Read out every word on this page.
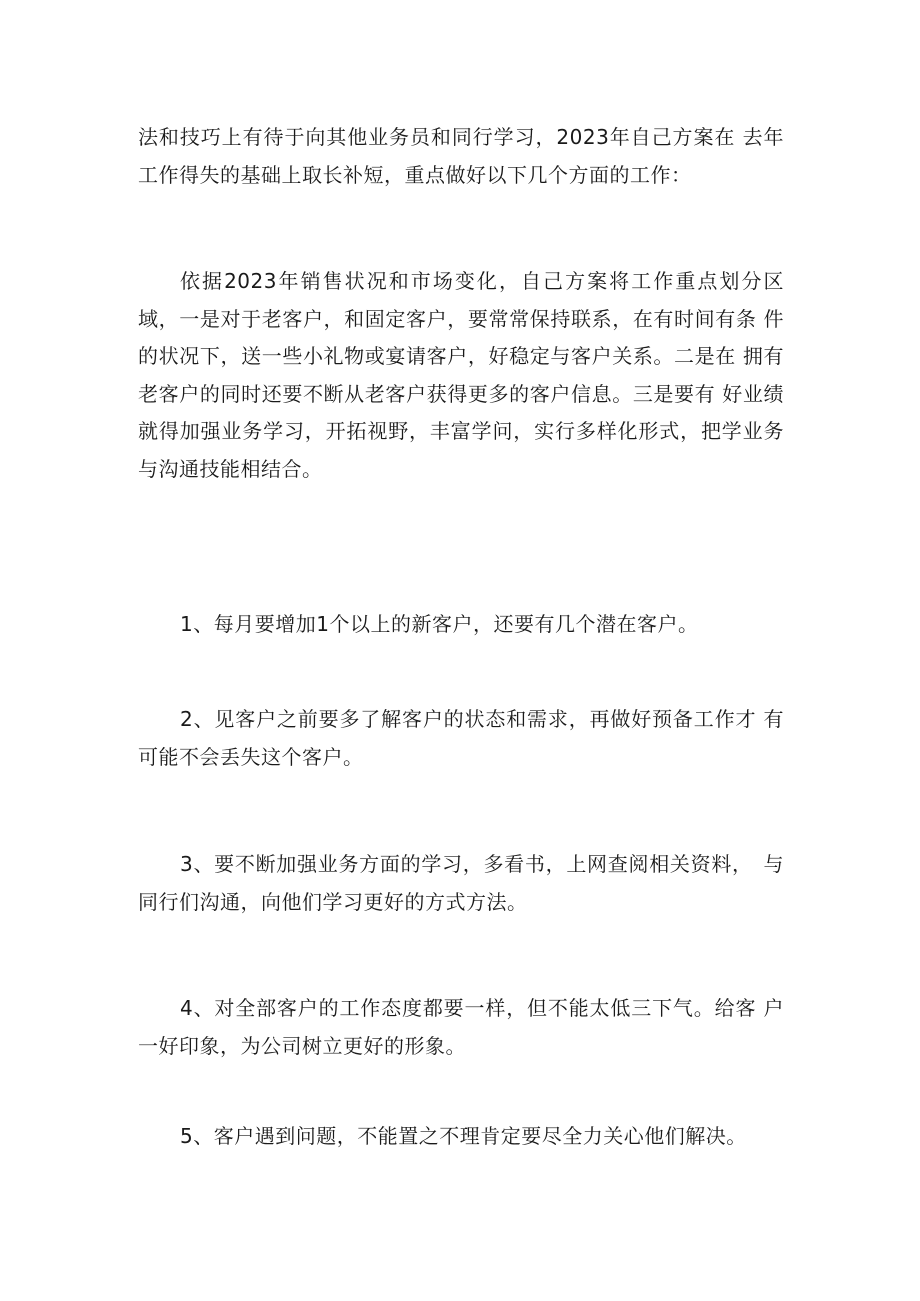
法和技巧上有待于向其他业务员和同行学习，2023年自己方案在 去年工作得失的基础上取长补短，重点做好以下几个方面的工作：

依据2023年销售状况和市场变化，自己方案将工作重点划分区　域，一是对于老客户，和固定客户，要常常保持联系，在有时间有条 件的状况下，送一些小礼物或宴请客户，好稳定与客户关系。二是在 拥有老客户的同时还要不断从老客户获得更多的客户信息。三是要有 好业绩就得加强业务学习，开拓视野，丰富学问，实行多样化形式，把学业务与沟通技能相结合。

1、每月要增加1个以上的新客户，还要有几个潜在客户。

2、见客户之前要多了解客户的状态和需求，再做好预备工作才 有可能不会丢失这个客户。

3、要不断加强业务方面的学习，多看书，上网查阅相关资料，　与同行们沟通，向他们学习更好的方式方法。

4、对全部客户的工作态度都要一样，但不能太低三下气。给客 户一好印象，为公司树立更好的形象。

5、客户遇到问题，不能置之不理肯定要尽全力关心他们解决。
